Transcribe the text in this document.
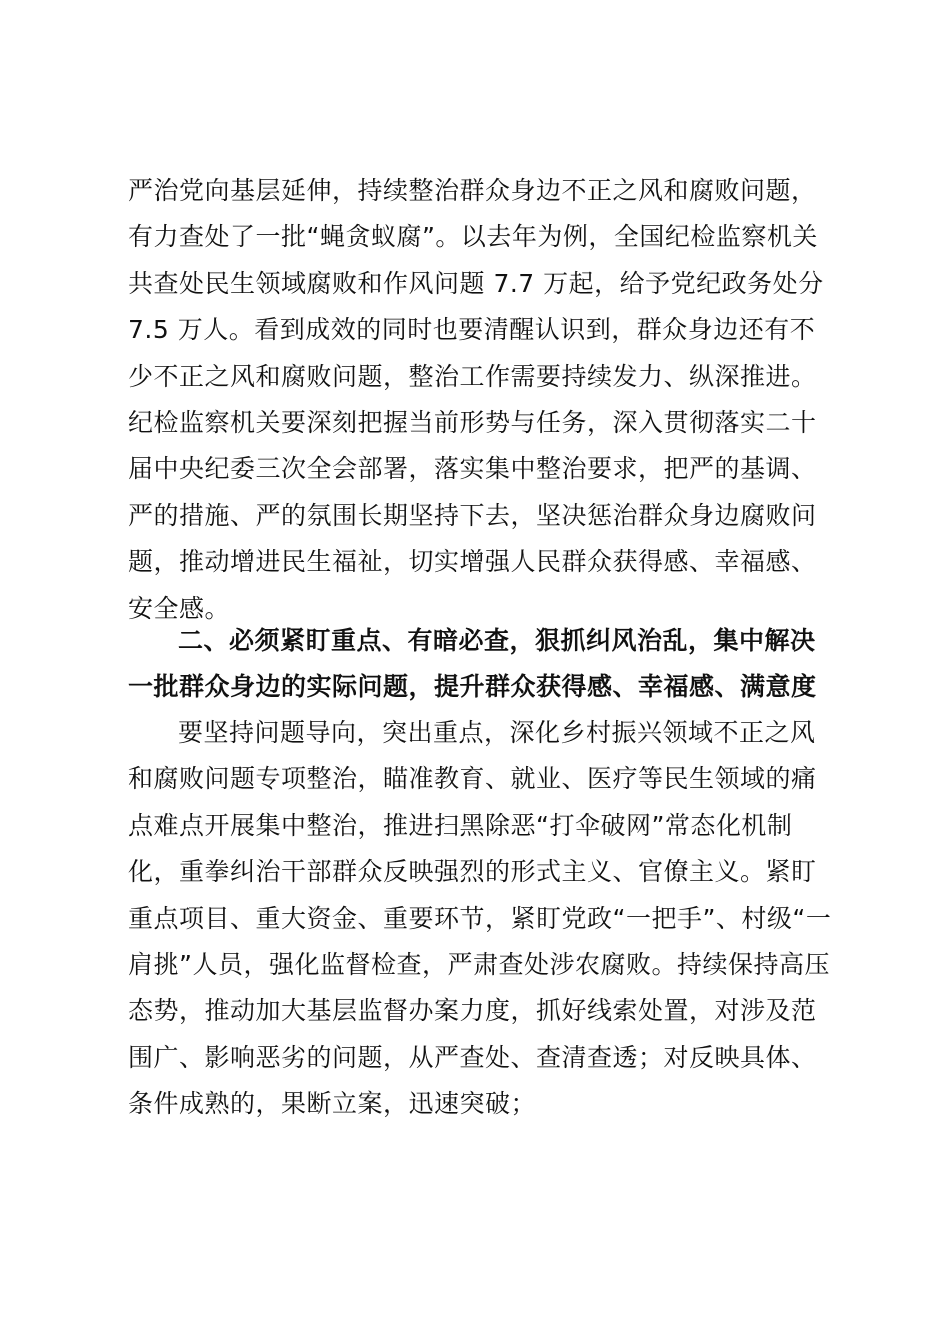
严治党向基层延伸，持续整治群众身边不正之风和腐败问题，
有力查处了一批“蝇贪蚁腐”。以去年为例，全国纪检监察机关
共查处民生领域腐败和作风问题 7.7 万起，给予党纪政务处分
7.5 万人。看到成效的同时也要清醒认识到，群众身边还有不
少不正之风和腐败问题，整治工作需要持续发力、纵深推进。
纪检监察机关要深刻把握当前形势与任务，深入贯彻落实二十
届中央纪委三次全会部署，落实集中整治要求，把严的基调、
严的措施、严的氛围长期坚持下去，坚决惩治群众身边腐败问
题，推动增进民生福祉，切实增强人民群众获得感、幸福感、
安全感。
二、必须紧盯重点、有暗必查，狠抓纠风治乱，集中解决
一批群众身边的实际问题，提升群众获得感、幸福感、满意度
要坚持问题导向，突出重点，深化乡村振兴领域不正之风
和腐败问题专项整治，瞄准教育、就业、医疗等民生领域的痛
点难点开展集中整治，推进扫黑除恶“打伞破网”常态化机制
化，重拳纠治干部群众反映强烈的形式主义、官僚主义。紧盯
重点项目、重大资金、重要环节，紧盯党政“一把手”、村级“一
肩挑”人员，强化监督检查，严肃查处涉农腐败。持续保持高压
态势，推动加大基层监督办案力度，抓好线索处置，对涉及范
围广、影响恶劣的问题，从严查处、查清查透；对反映具体、
条件成熟的，果断立案，迅速突破；
